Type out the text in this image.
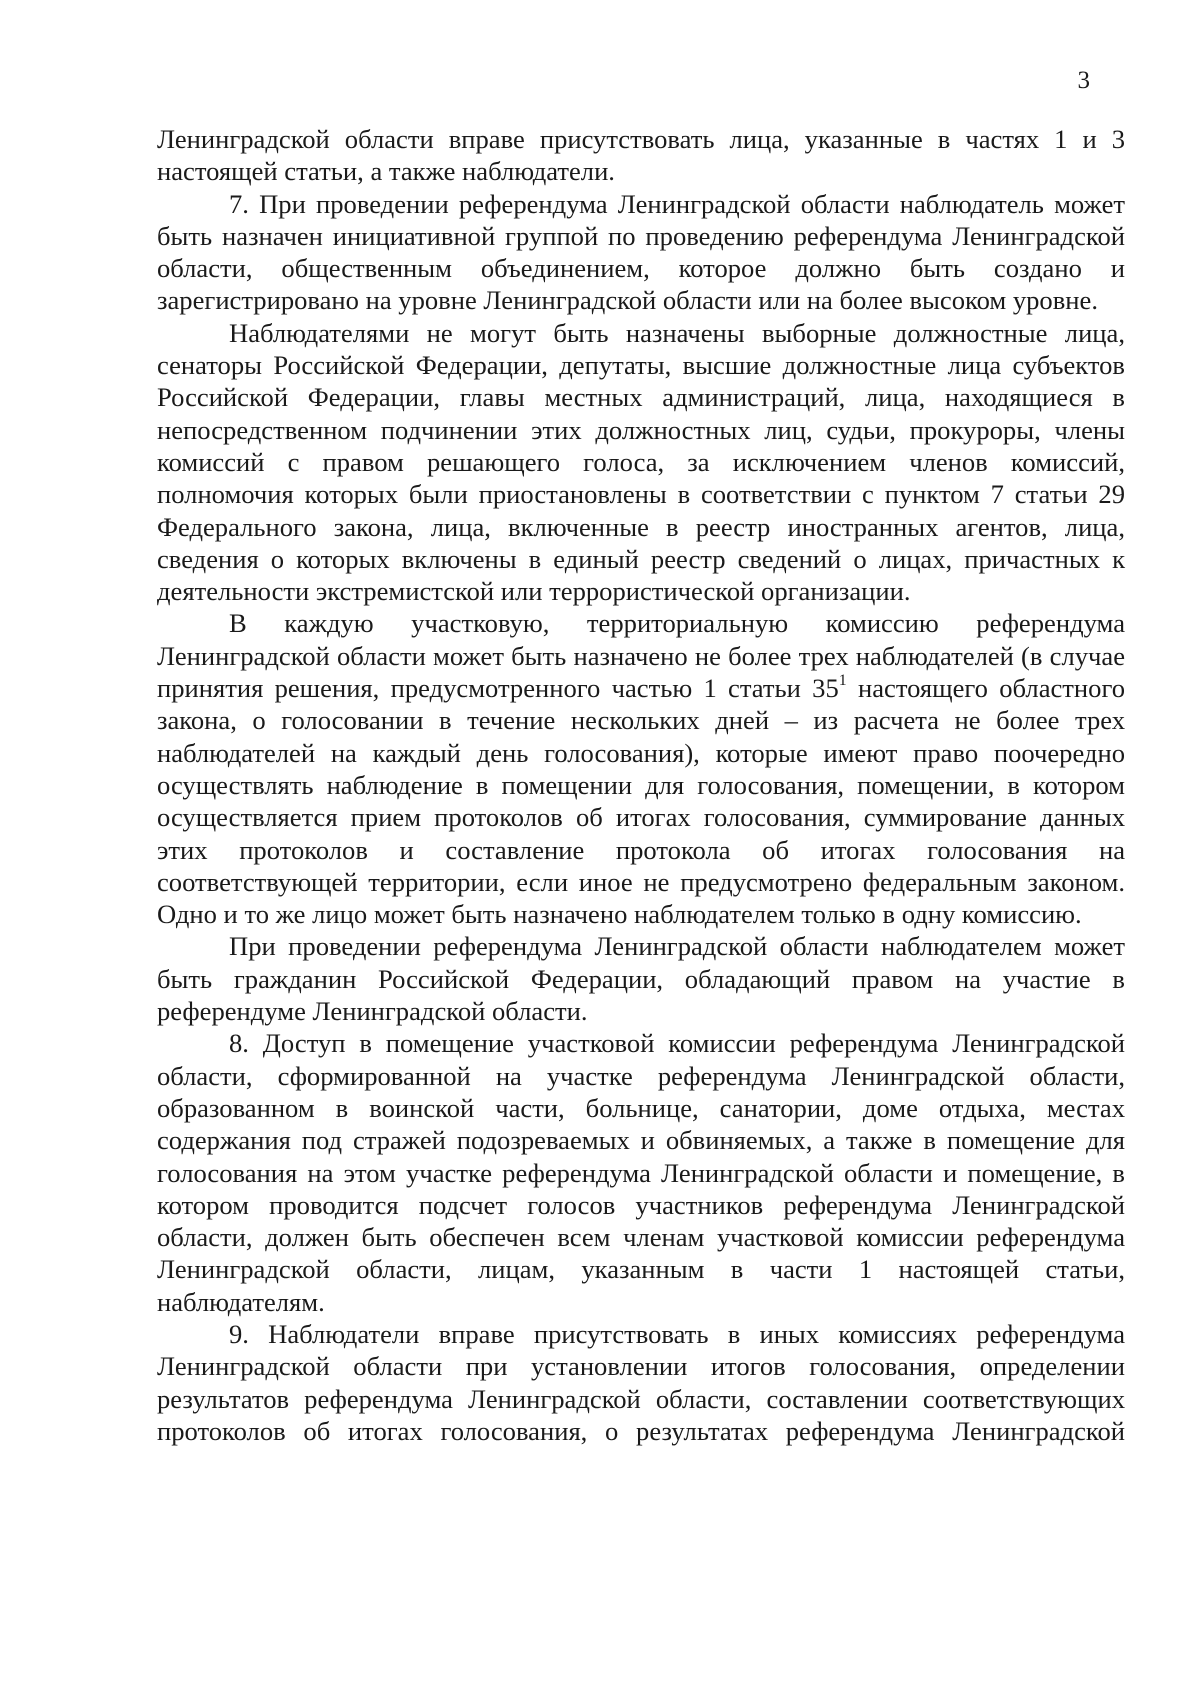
3

Ленинградской области вправе присутствовать лица, указанные в частях 1 и 3 настоящей статьи, а также наблюдатели.

7. При проведении референдума Ленинградской области наблюдатель может быть назначен инициативной группой по проведению референдума Ленинградской области, общественным объединением, которое должно быть создано и зарегистрировано на уровне Ленинградской области или на более высоком уровне.

Наблюдателями не могут быть назначены выборные должностные лица, сенаторы Российской Федерации, депутаты, высшие должностные лица субъектов Российской Федерации, главы местных администраций, лица, находящиеся в непосредственном подчинении этих должностных лиц, судьи, прокуроры, члены комиссий с правом решающего голоса, за исключением членов комиссий, полномочия которых были приостановлены в соответствии с пунктом 7 статьи 29 Федерального закона, лица, включенные в реестр иностранных агентов, лица, сведения о которых включены в единый реестр сведений о лицах, причастных к деятельности экстремистской или террористической организации.

В каждую участковую, территориальную комиссию референдума Ленинградской области может быть назначено не более трех наблюдателей (в случае принятия решения, предусмотренного частью 1 статьи $35^1$ настоящего областного закона, о голосовании в течение нескольких дней – из расчета не более трех наблюдателей на каждый день голосования), которые имеют право поочередно осуществлять наблюдение в помещении для голосования, помещении, в котором осуществляется прием протоколов об итогах голосования, суммирование данных этих протоколов и составление протокола об итогах голосования на соответствующей территории, если иное не предусмотрено федеральным законом. Одно и то же лицо может быть назначено наблюдателем только в одну комиссию.

При проведении референдума Ленинградской области наблюдателем может быть гражданин Российской Федерации, обладающий правом на участие в референдуме Ленинградской области.

8. Доступ в помещение участковой комиссии референдума Ленинградской области, сформированной на участке референдума Ленинградской области, образованном в воинской части, больнице, санатории, доме отдыха, местах содержания под стражей подозреваемых и обвиняемых, а также в помещение для голосования на этом участке референдума Ленинградской области и помещение, в котором проводится подсчет голосов участников референдума Ленинградской области, должен быть обеспечен всем членам участковой комиссии референдума Ленинградской области, лицам, указанным в части 1 настоящей статьи, наблюдателям.

9. Наблюдатели вправе присутствовать в иных комиссиях референдума Ленинградской области при установлении итогов голосования, определении результатов референдума Ленинградской области, составлении соответствующих протоколов об итогах голосования, о результатах референдума Ленинградской
